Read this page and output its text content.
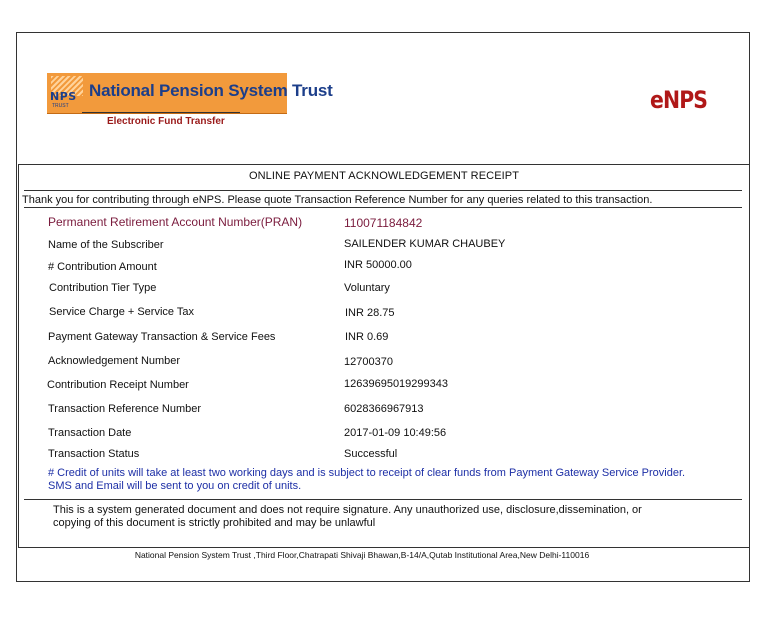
NPS
TRUST
National Pension System Trust
Electronic Fund Transfer
eNPS
ONLINE PAYMENT ACKNOWLEDGEMENT RECEIPT
Thank you for contributing through eNPS. Please quote Transaction Reference Number for any queries related to this transaction.
Permanent Retirement Account Number(PRAN)	110071184842
Name of the Subscriber	SAILENDER KUMAR CHAUBEY
# Contribution Amount	INR 50000.00
Contribution Tier Type	Voluntary
Service Charge + Service Tax	INR 28.75
Payment Gateway Transaction & Service Fees	INR 0.69
Acknowledgement Number	12700370
Contribution Receipt Number	12639695019299343
Transaction Reference Number	6028366967913
Transaction Date	2017-01-09 10:49:56
Transaction Status	Successful
# Credit of units will take at least two working days and is subject to receipt of clear funds from Payment Gateway Service Provider.
SMS and Email will be sent to you on credit of units.
This is a system generated document and does not require signature. Any unauthorized use, disclosure,dissemination, or
copying of this document is strictly prohibited and may be unlawful
National Pension System Trust ,Third Floor,Chatrapati Shivaji Bhawan,B-14/A,Qutab Institutional Area,New Delhi-110016
